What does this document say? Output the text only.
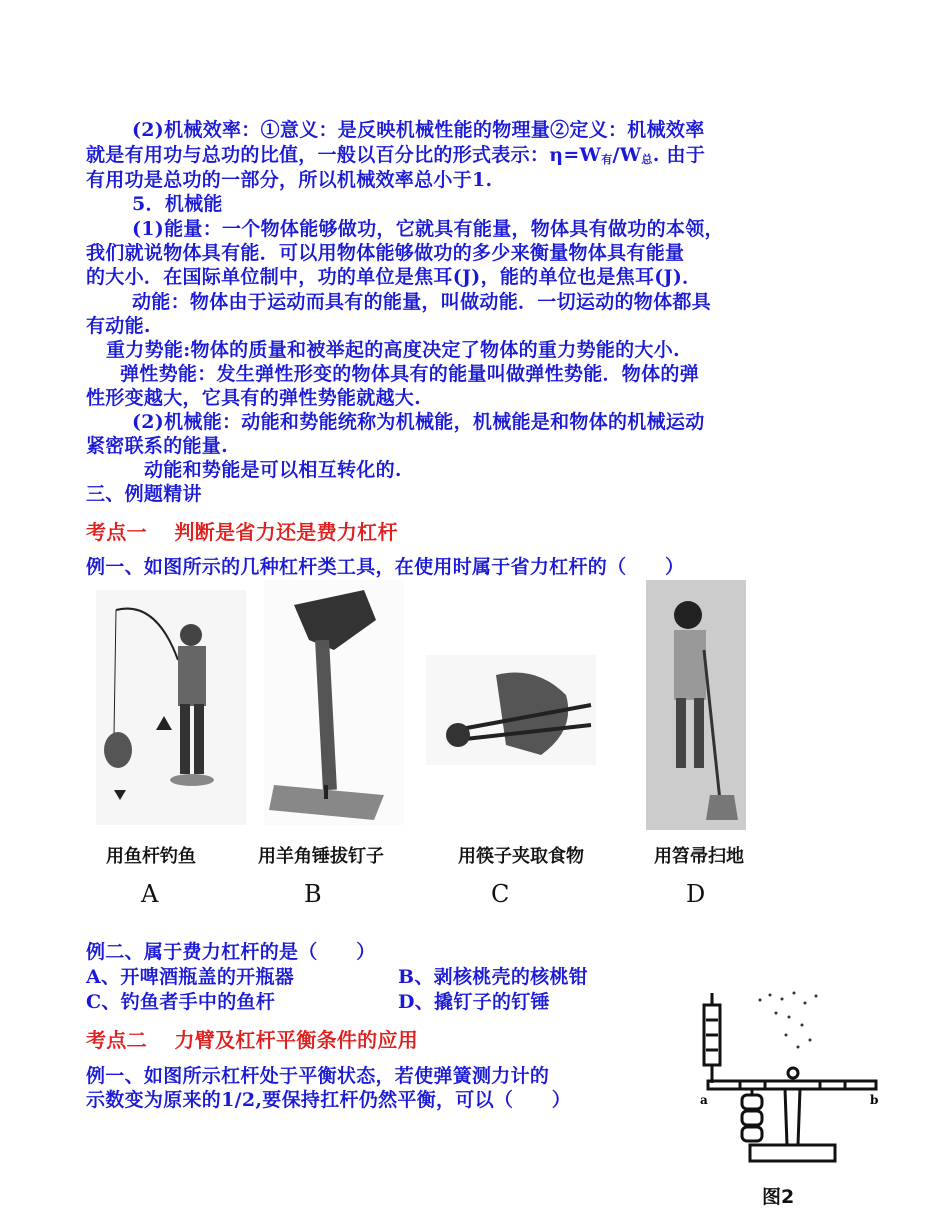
(2)机械效率：①意义：是反映机械性能的物理量②定义：机械效率
就是有用功与总功的比值，一般以百分比的形式表示：η=W有/W总. 由于
有用功是总功的一部分，所以机械效率总小于1.
5．机械能
(1)能量：一个物体能够做功，它就具有能量，物体具有做功的本领，
我们就说物体具有能．可以用物体能够做功的多少来衡量物体具有能量
的大小．在国际单位制中，功的单位是焦耳(J)，能的单位也是焦耳(J)．
动能：物体由于运动而具有的能量，叫做动能．一切运动的物体都具
有动能.
重力势能:物体的质量和被举起的高度决定了物体的重力势能的大小.
弹性势能：发生弹性形变的物体具有的能量叫做弹性势能．物体的弹
性形变越大，它具有的弹性势能就越大.
(2)机械能：动能和势能统称为机械能，机械能是和物体的机械运动
紧密联系的能量.
动能和势能是可以相互转化的.
三、例题精讲
考点一　 判断是省力还是费力杠杆
例一、如图所示的几种杠杆类工具，在使用时属于省力杠杆的（　　）
用鱼杆钓鱼	用羊角锤拔钉子	用筷子夹取食物	用笤帚扫地
A	B	C	D
例二、属于费力杠杆的是（　　）
A、开啤酒瓶盖的开瓶器	B、剥核桃壳的核桃钳
C、钓鱼者手中的鱼杆	D、撬钉子的钉锤
考点二　 力臂及杠杆平衡条件的应用
例一、如图所示杠杆处于平衡状态，若使弹簧测力计的
示数变为原来的1/2,要保持扛杆仍然平衡，可以（　　）	a	b
图2
